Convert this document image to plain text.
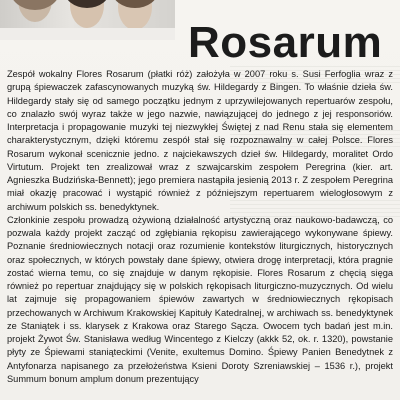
Rosarum

Zespół wokalny Flores Rosarum (płatki róż) założyła w 2007 roku s. Susi Ferfoglia wraz z grupą śpiewaczek zafascynowanych muzyką św. Hildegardy z Bingen. To właśnie dzieła św. Hildegardy stały się od samego początku jednym z uprzywilejowanych repertuarów zespołu, co znalazło swój wyraz także w jego nazwie, nawiązującej do jednego z jej responsoriów. Interpretacja i propagowanie muzyki tej niezwykłej Świętej z nad Renu stała się elementem charakterystycznym, dzięki któremu zespół stał się rozpoznawalny w całej Polsce. Flores Rosarum wykonał scenicznie jedno. z najciekawszych dzieł św. Hildegardy, moralitet Ordo Virtutum. Projekt ten zrealizował wraz z szwajcarskim zespołem Peregrina (kier. art. Agnieszka Budzińska-Bennett); jego premiera nastąpiła jesienią 2013 r. Z zespołem Peregrina miał okazję pracować i wystąpić również z późniejszym repertuarem wielogłosowym z archiwum polskich ss. benedyktynek.

Członkinie zespołu prowadzą ożywioną działalność artystyczną oraz naukowo-badawczą, co pozwala każdy projekt zacząć od zgłębiania rękopisu zawierającego wykonywane śpiewy. Poznanie średniowiecznych notacji oraz rozumienie kontekstów liturgicznych, historycznych oraz społecznych, w których powstały dane śpiewy, otwiera drogę interpretacji, która pragnie zostać wierna temu, co się znajduje w danym rękopisie. Flores Rosarum z chęcią sięga również po repertuar znajdujący się w polskich rękopisach liturgiczno-muzycznych. Od wielu lat zajmuje się propagowaniem śpiewów zawartych w średniowiecznych rękopisach przechowanych w Archiwum Krakowskiej Kapituły Katedralnej, w archiwach ss. benedyktynek ze Staniątek i ss. klarysek z Krakowa oraz Starego Sącza. Owocem tych badań jest m.in. projekt Żywot Św. Stanisława według Wincentego z Kielczy (akkk 52, ok. r. 1320), powstanie płyty ze Śpiewami staniąteckimi (Venite, exultemus Domino. Śpiewy Panien Benedytnek z Antyfonarza napisanego za przełożeństwa Ksieni Doroty Szreniawskiej – 1536 r.), projekt Summum bonum amplum donum prezentujący
